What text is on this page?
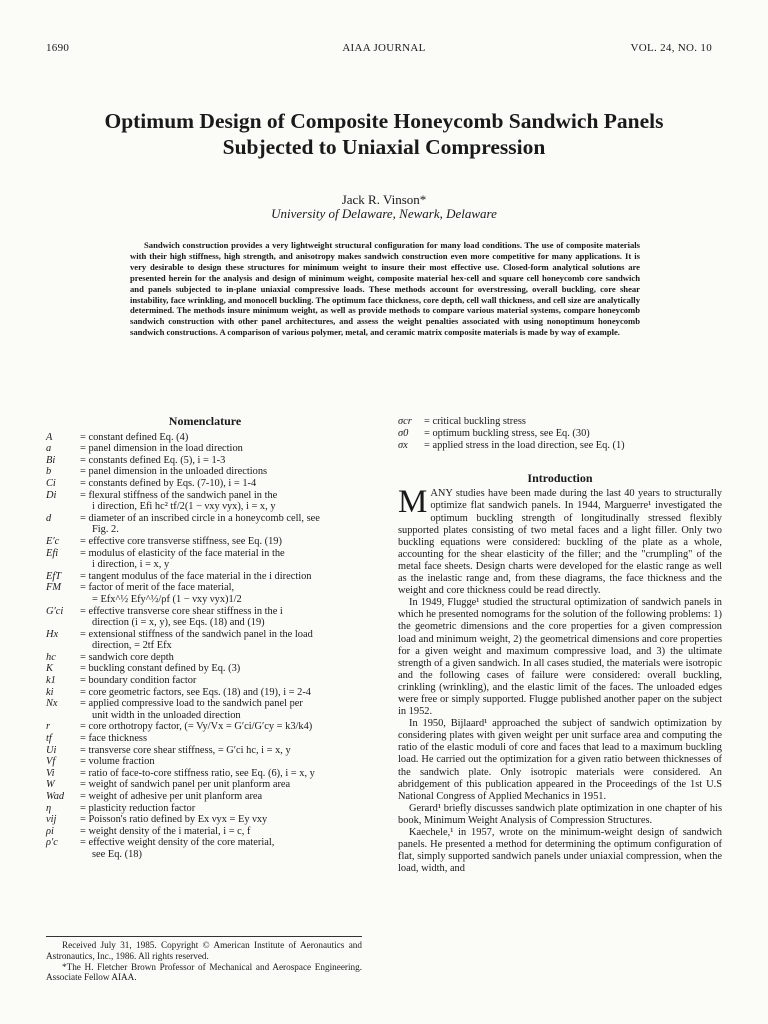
1690	AIAA JOURNAL	VOL. 24, NO. 10
Optimum Design of Composite Honeycomb Sandwich Panels Subjected to Uniaxial Compression
Jack R. Vinson*
University of Delaware, Newark, Delaware
Sandwich construction provides a very lightweight structural configuration for many load conditions. The use of composite materials with their high stiffness, high strength, and anisotropy makes sandwich construction even more competitive for many applications. It is very desirable to design these structures for minimum weight to insure their most effective use. Closed-form analytical solutions are presented herein for the analysis and design of minimum weight, composite material hex-cell and square cell honeycomb core sandwich and panels subjected to in-plane uniaxial compressive loads. These methods account for overstressing, overall buckling, core shear instability, face wrinkling, and monocell buckling. The optimum face thickness, core depth, cell wall thickness, and cell size are analytically determined. The methods insure minimum weight, as well as provide methods to compare various material systems, compare honeycomb sandwich construction with other panel architectures, and assess the weight penalties associated with using nonoptimum honeycomb sandwich constructions. A comparison of various polymer, metal, and ceramic matrix composite materials is made by way of example.
Nomenclature
A	= constant defined Eq. (4)
a	= panel dimension in the load direction
Bi	= constants defined Eq. (5), i = 1-3
b	= panel dimension in the unloaded directions
Ci	= constants defined by Eqs. (7-10), i = 1-4
Di	= flexural stiffness of the sandwich panel in the
i direction, Efi hc² tf/2(1 − νxy νyx), i = x, y
d	= diameter of an inscribed circle in a honeycomb cell, see
Fig. 2.
E′c	= effective core transverse stiffness, see Eq. (19)
Efi	= modulus of elasticity of the face material in the
i direction, i = x, y
EfT	= tangent modulus of the face material in the i direction
FM	= factor of merit of the face material,
= Efx^½ Efy^½/ρf (1 − νxy νyx)1/2
G′ci	= effective transverse core shear stiffness in the i
direction (i = x, y), see Eqs. (18) and (19)
Hx	= extensional stiffness of the sandwich panel in the load
direction, = 2tf Efx
hc	= sandwich core depth
K	= buckling constant defined by Eq. (3)
k1	= boundary condition factor
ki	= core geometric factors, see Eqs. (18) and (19), i = 2-4
Nx	= applied compressive load to the sandwich panel per
unit width in the unloaded direction
r	= core orthotropy factor, (= Vy/Vx = G′ci/G′cy = k3/k4)
tf	= face thickness
Ui	= transverse core shear stiffness, = G′ci hc, i = x, y
Vf	= volume fraction
Vi	= ratio of face-to-core stiffness ratio, see Eq. (6), i = x, y
W	= weight of sandwich panel per unit planform area
Wad	= weight of adhesive per unit planform area
η	= plasticity reduction factor
νij	= Poisson's ratio defined by Ex νyx = Ey νxy
ρi	= weight density of the i material, i = c, f
ρ′c	= effective weight density of the core material,
see Eq. (18)
σcr	= critical buckling stress
σ0	= optimum buckling stress, see Eq. (30)
σx	= applied stress in the load direction, see Eq. (1)
Introduction

MANY studies have been made during the last 40 years to structurally optimize flat sandwich panels. In 1944, Marguerre¹ investigated the optimum buckling strength of longitudinally stressed flexibly supported plates consisting of two metal faces and a light filler. Only two buckling equations were considered: buckling of the plate as a whole, accounting for the shear elasticity of the filler; and the "crumpling" of the metal face sheets. Design charts were developed for the elastic range as well as the inelastic range and, from these diagrams, the face thickness and the weight and core thickness could be read directly.

In 1949, Flugge¹ studied the structural optimization of sandwich panels in which he presented nomograms for the solution of the following problems: 1) the geometric dimensions and the core properties for a given compression load and minimum weight, 2) the geometrical dimensions and core properties for a given weight and maximum compressive load, and 3) the ultimate strength of a given sandwich. In all cases studied, the materials were isotropic and the following cases of failure were considered: overall buckling, crinkling (wrinkling), and the elastic limit of the faces. The unloaded edges were free or simply supported. Flugge published another paper on the subject in 1952.

In 1950, Bijlaard¹ approached the subject of sandwich optimization by considering plates with given weight per unit surface area and computing the ratio of the elastic moduli of core and faces that lead to a maximum buckling load. He carried out the optimization for a given ratio between thicknesses of the sandwich plate. Only isotropic materials were considered. An abridgement of this publication appeared in the Proceedings of the 1st U.S National Congress of Applied Mechanics in 1951.

Gerard¹ briefly discusses sandwich plate optimization in one chapter of his book, Minimum Weight Analysis of Compression Structures.

Kaechele,¹ in 1957, wrote on the minimum-weight design of sandwich panels. He presented a method for determining the optimum configuration of flat, simply supported sandwich panels under uniaxial compression, when the load, width, and

Received July 31, 1985. Copyright © American Institute of Aeronautics and Astronautics, Inc., 1986. All rights reserved.

*The H. Fletcher Brown Professor of Mechanical and Aerospace Engineering. Associate Fellow AIAA.
